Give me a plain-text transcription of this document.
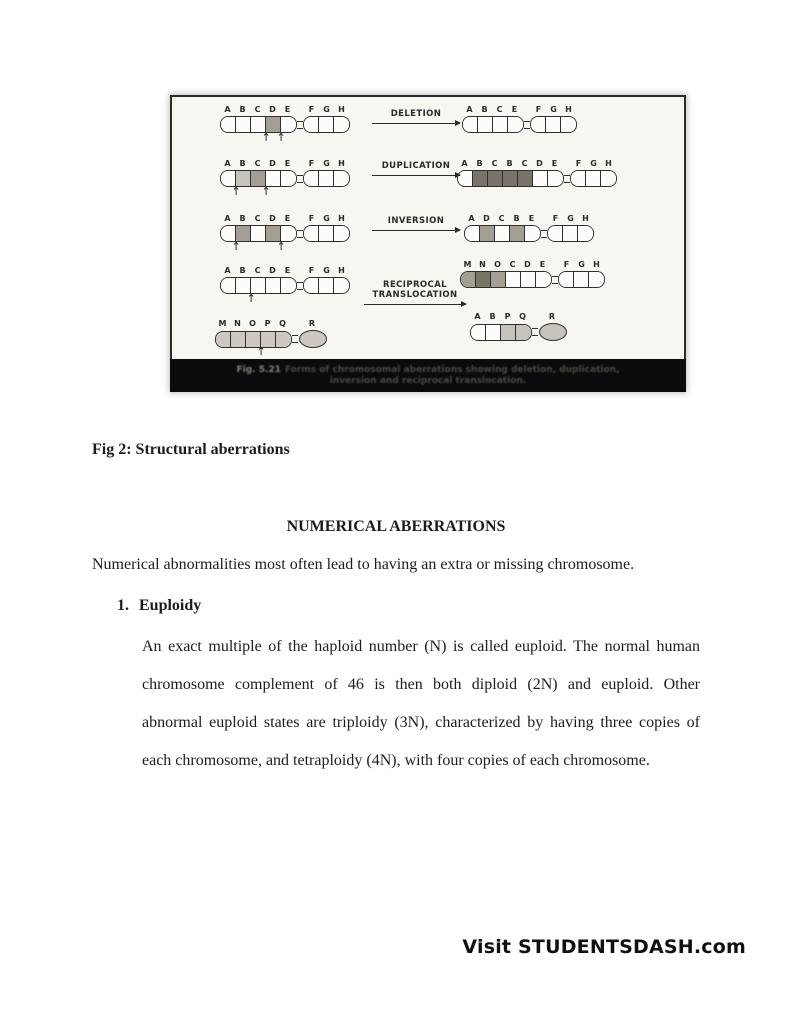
A	B	C	D	E	F	G	H
↑ ↑
A	B	C	E	F	G	H
A	B	C	D	E	F	G	H
↑ ↑
A	B	C	B	C	D	E	F	G	H
A	B	C	D	E	F	G	H
↑	↑
A	D	C	B	E	F	G	H
A	B	C	D	E	F	G	H
↑
M N	O	P	Q	R
↑
M N	O	C	D	E	F	G	H
A	B	P	Q	R
DELETION
DUPLICATION
INVERSION
RECIPROCAL
TRANSLOCATION
Fig. 5.21 Forms of chromosomal aberrations showing deletion, duplication, inversion and reciprocal translocation.
Fig 2: Structural aberrations
NUMERICAL ABERRATIONS
Numerical abnormalities most often lead to having an extra or missing chromosome.
1. Euploidy
An exact multiple of the haploid number (N) is called euploid. The normal human
chromosome complement of 46 is then both diploid (2N) and euploid. Other
abnormal euploid states are triploidy (3N), characterized by having three copies of
each chromosome, and tetraploidy (4N), with four copies of each chromosome.
Visit STUDENTSDASH.com
